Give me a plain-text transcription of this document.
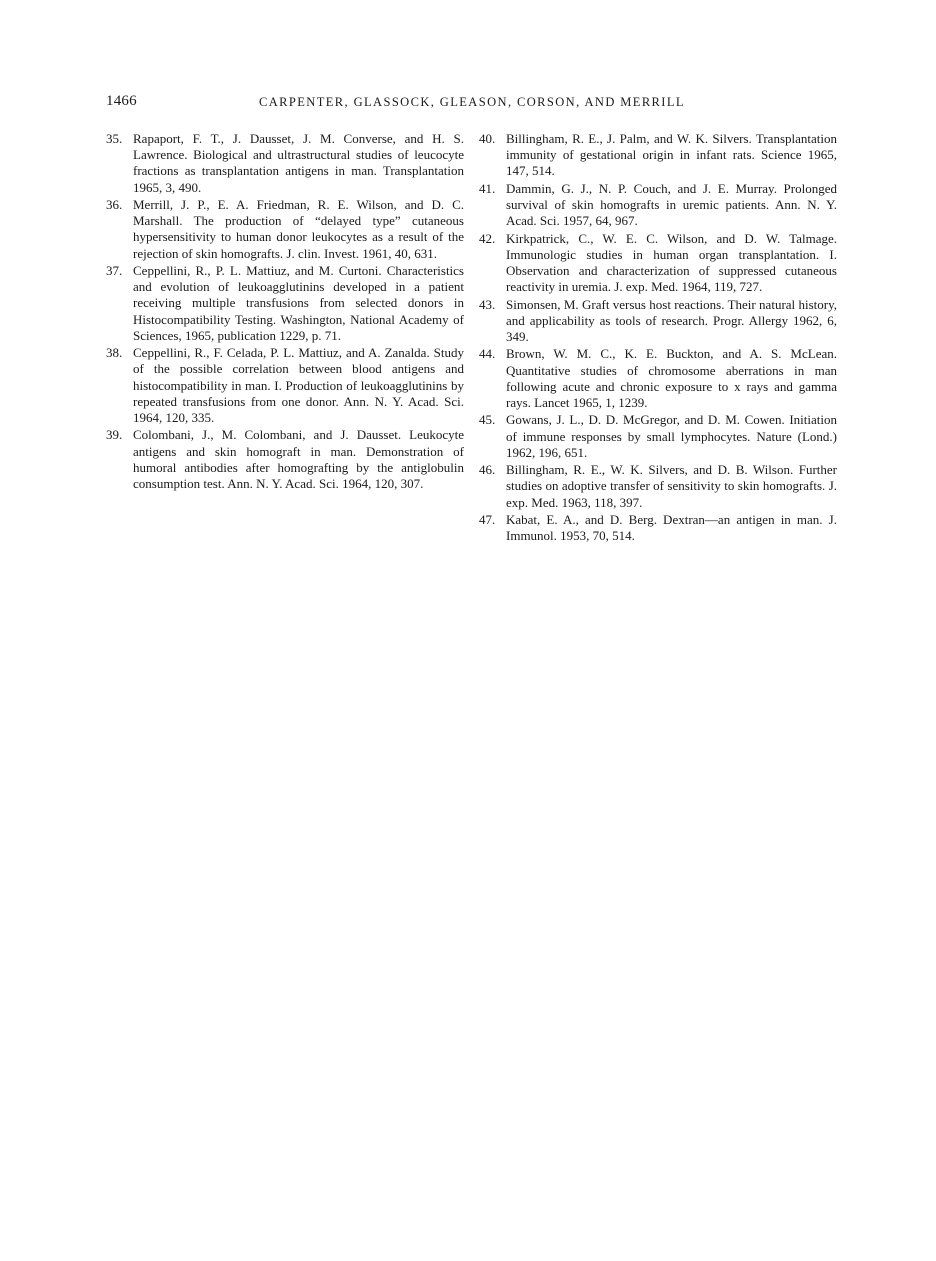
1466	CARPENTER, GLASSOCK, GLEASON, CORSON, AND MERRILL
35. Rapaport, F. T., J. Dausset, J. M. Converse, and H. S. Lawrence. Biological and ultrastructural studies of leucocyte fractions as transplantation antigens in man. Transplantation 1965, 3, 490.
36. Merrill, J. P., E. A. Friedman, R. E. Wilson, and D. C. Marshall. The production of “delayed type” cutaneous hypersensitivity to human donor leukocytes as a result of the rejection of skin homografts. J. clin. Invest. 1961, 40, 631.
37. Ceppellini, R., P. L. Mattiuz, and M. Curtoni. Characteristics and evolution of leukoagglutinins developed in a patient receiving multiple transfusions from selected donors in Histocompatibility Testing. Washington, National Academy of Sciences, 1965, publication 1229, p. 71.
38. Ceppellini, R., F. Celada, P. L. Mattiuz, and A. Zanalda. Study of the possible correlation between blood antigens and histocompatibility in man. I. Production of leukoagglutinins by repeated transfusions from one donor. Ann. N. Y. Acad. Sci. 1964, 120, 335.
39. Colombani, J., M. Colombani, and J. Dausset. Leukocyte antigens and skin homograft in man. Demonstration of humoral antibodies after homografting by the antiglobulin consumption test. Ann. N. Y. Acad. Sci. 1964, 120, 307.
40. Billingham, R. E., J. Palm, and W. K. Silvers. Transplantation immunity of gestational origin in infant rats. Science 1965, 147, 514.
41. Dammin, G. J., N. P. Couch, and J. E. Murray. Prolonged survival of skin homografts in uremic patients. Ann. N. Y. Acad. Sci. 1957, 64, 967.
42. Kirkpatrick, C., W. E. C. Wilson, and D. W. Talmage. Immunologic studies in human organ transplantation. I. Observation and characterization of suppressed cutaneous reactivity in uremia. J. exp. Med. 1964, 119, 727.
43. Simonsen, M. Graft versus host reactions. Their natural history, and applicability as tools of research. Progr. Allergy 1962, 6, 349.
44. Brown, W. M. C., K. E. Buckton, and A. S. McLean. Quantitative studies of chromosome aberrations in man following acute and chronic exposure to x rays and gamma rays. Lancet 1965, 1, 1239.
45. Gowans, J. L., D. D. McGregor, and D. M. Cowen. Initiation of immune responses by small lymphocytes. Nature (Lond.) 1962, 196, 651.
46. Billingham, R. E., W. K. Silvers, and D. B. Wilson. Further studies on adoptive transfer of sensitivity to skin homografts. J. exp. Med. 1963, 118, 397.
47. Kabat, E. A., and D. Berg. Dextran—an antigen in man. J. Immunol. 1953, 70, 514.
